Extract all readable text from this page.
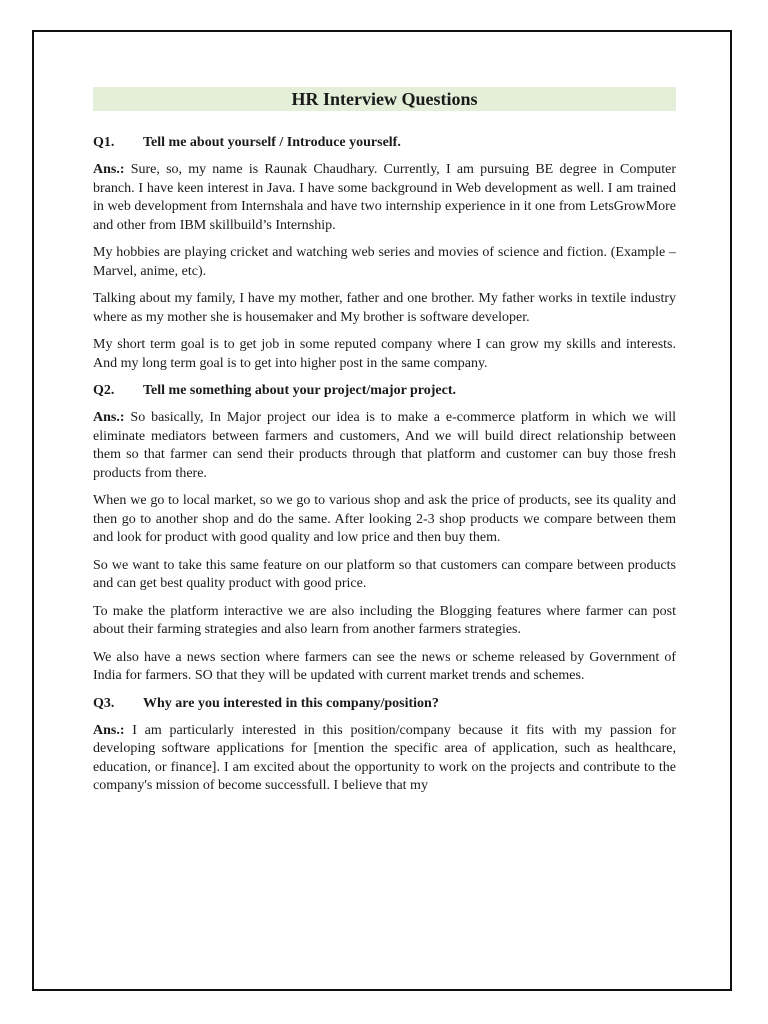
HR Interview Questions
Q1. Tell me about yourself / Introduce yourself.

Ans.: Sure, so, my name is Raunak Chaudhary. Currently, I am pursuing BE degree in Computer branch. I have keen interest in Java. I have some background in Web development as well. I am trained in web development from Internshala and have two internship experience in it one from LetsGrowMore and other from IBM skillbuild’s Internship.

My hobbies are playing cricket and watching web series and movies of science and fiction. (Example – Marvel, anime, etc).

Talking about my family, I have my mother, father and one brother. My father works in textile industry where as my mother she is housemaker and My brother is software developer.

My short term goal is to get job in some reputed company where I can grow my skills and interests. And my long term goal is to get into higher post in the same company.

Q2. Tell me something about your project/major project.

Ans.: So basically, In Major project our idea is to make a e-commerce platform in which we will eliminate mediators between farmers and customers, And we will build direct relationship between them so that farmer can send their products through that platform and customer can buy those fresh products from there.

When we go to local market, so we go to various shop and ask the price of products, see its quality and then go to another shop and do the same. After looking 2-3 shop products we compare between them and look for product with good quality and low price and then buy them.

So we want to take this same feature on our platform so that customers can compare between products and can get best quality product with good price.

To make the platform interactive we are also including the Blogging features where farmer can post about their farming strategies and also learn from another farmers strategies.

We also have a news section where farmers can see the news or scheme released by Government of India for farmers. SO that they will be updated with current market trends and schemes.

Q3. Why are you interested in this company/position?

Ans.: I am particularly interested in this position/company because it fits with my passion for developing software applications for [mention the specific area of application, such as healthcare, education, or finance]. I am excited about the opportunity to work on the projects and contribute to the company's mission of become successfull. I believe that my
